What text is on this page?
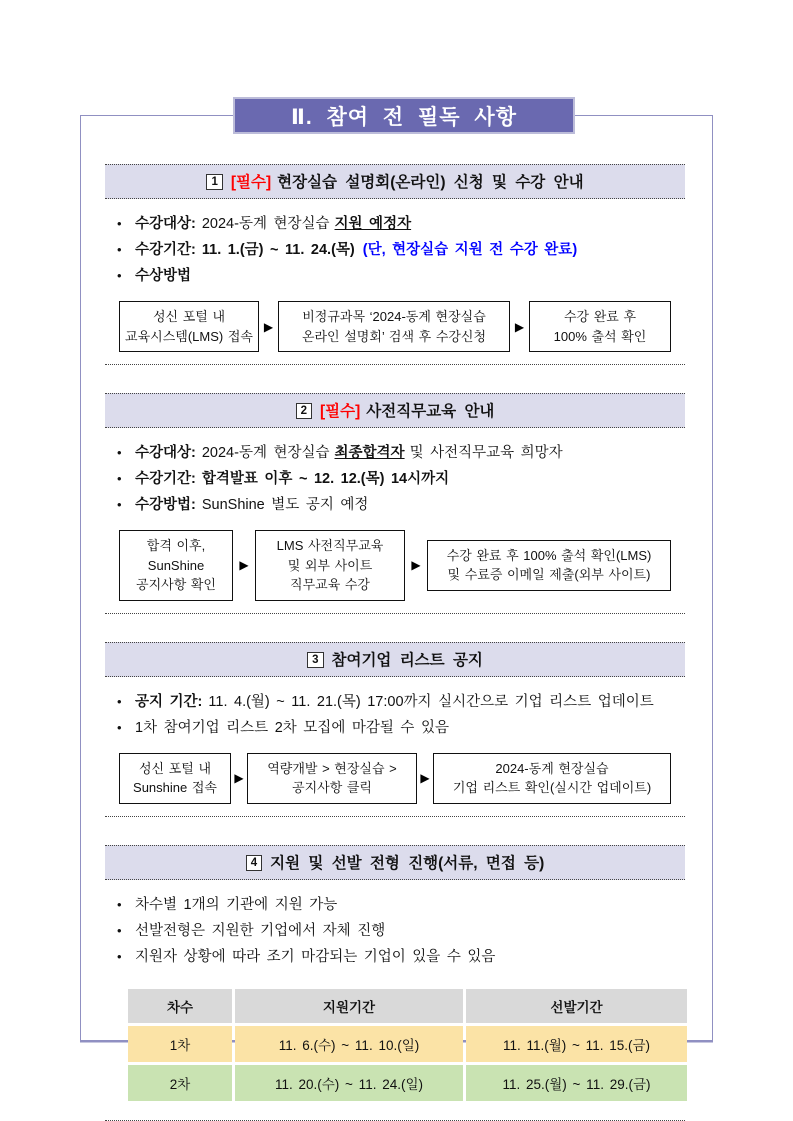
Ⅱ. 참여 전 필독 사항
1 [필수] 현장실습 설명회(온라인) 신청 및 수강 안내
• 수강대상: 2024-동계 현장실습 지원 예정자
• 수강기간: 11. 1.(금) ~ 11. 24.(목) (단, 현장실습 지원 전 수강 완료)
• 수상방법
성신 포털 내
교육시스템(LMS) 접속
▶
비정규과목 ‘2024-동계 현장실습
온라인 설명회’ 검색 후 수강신청
▶
수강 완료 후
100% 출석 확인
2 [필수] 사전직무교육 안내
• 수강대상: 2024-동계 현장실습 최종합격자 및 사전직무교육 희망자
• 수강기간: 합격발표 이후 ~ 12. 12.(목) 14시까지
• 수강방법: SunShine 별도 공지 예정
합격 이후,
SunShine
공지사항 확인
▶
LMS 사전직무교육
및 외부 사이트
직무교육 수강
▶
수강 완료 후 100% 출석 확인(LMS)
및 수료증 이메일 제출(외부 사이트)
3 참여기업 리스트 공지
• 공지 기간: 11. 4.(월) ~ 11. 21.(목) 17:00까지 실시간으로 기업 리스트 업데이트
• 1차 참여기업 리스트 2차 모집에 마감될 수 있음
성신 포털 내
Sunshine 접속
▶
역량개발 > 현장실습 >
공지사항 클릭
▶
2024-동계 현장실습
기업 리스트 확인(실시간 업데이트)
4 지원 및 선발 전형 진행(서류, 면접 등)
• 차수별 1개의 기관에 지원 가능
• 선발전형은 지원한 기업에서 자체 진행
• 지원자 상황에 따라 조기 마감되는 기업이 있을 수 있음
차수	지원기간	선발기간
1차	11. 6.(수) ~ 11. 10.(일)	11. 11.(월) ~ 11. 15.(금)
2차	11. 20.(수) ~ 11. 24.(일)	11. 25.(월) ~ 11. 29.(금)
